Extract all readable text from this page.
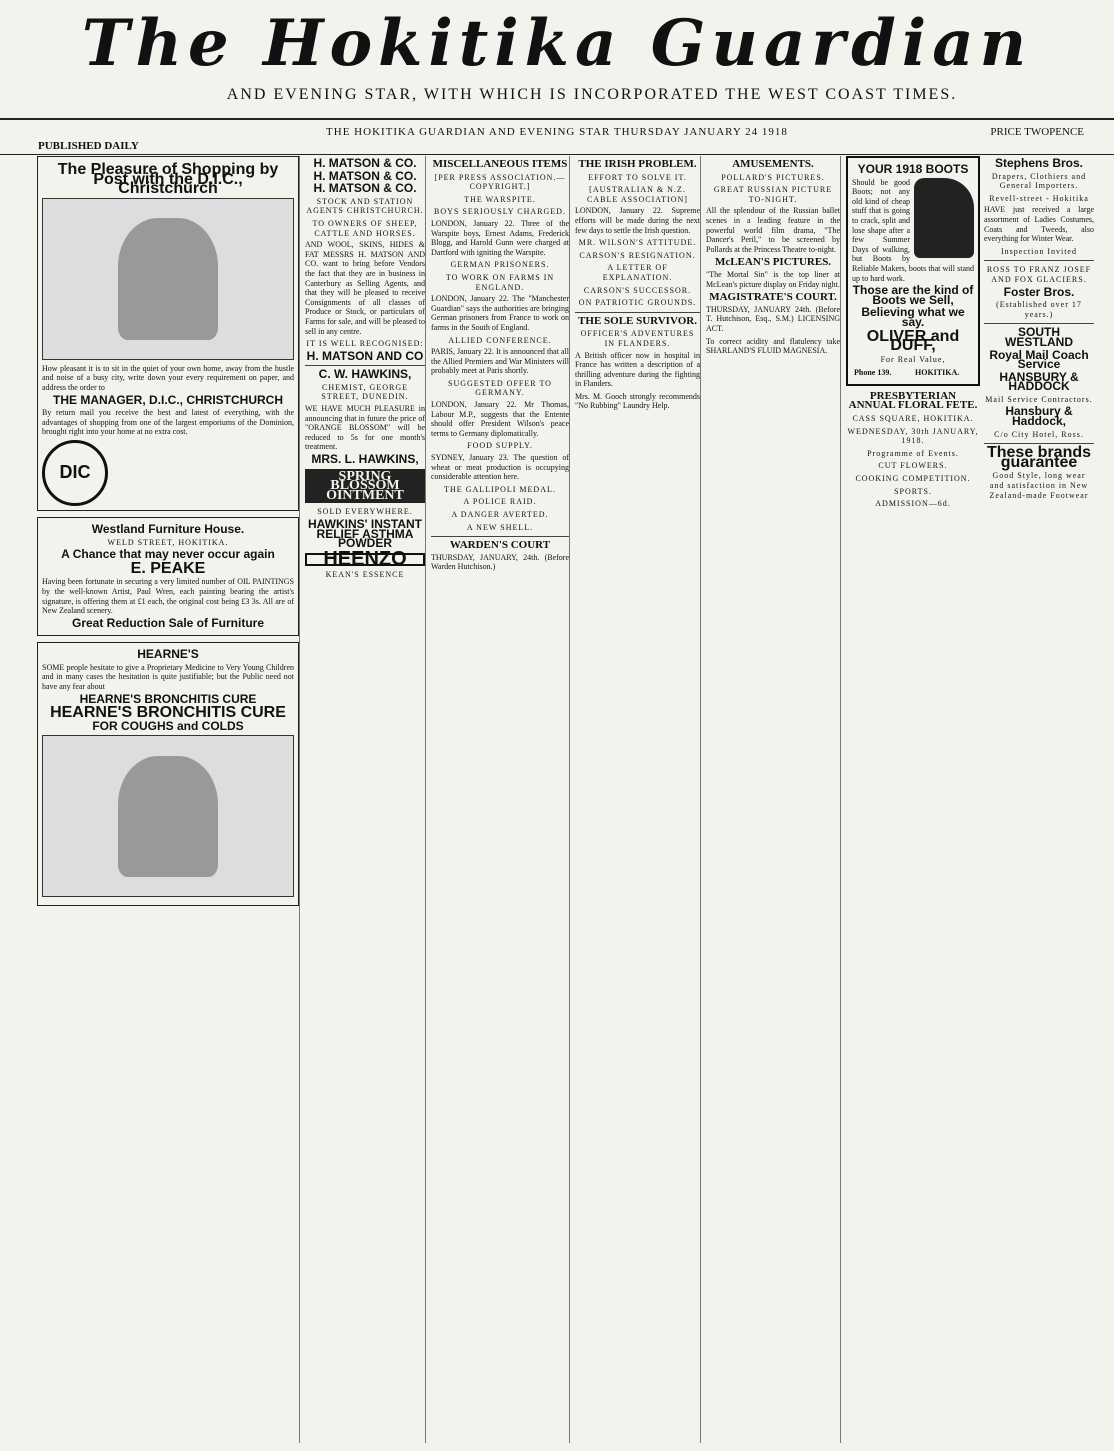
The Hokitika Guardian
AND EVENING STAR, WITH WHICH IS INCORPORATED THE WEST COAST TIMES.
PUBLISHED DAILY
THE HOKITIKA GUARDIAN AND EVENING STAR THURSDAY JANUARY 24 1918	PRICE TWOPENCE
The Pleasure of Shopping by Post with the D.I.C., Christchurch

How pleasant it is to sit in the quiet of your own home, away from the hustle and noise of a busy city, write down your every requirement on paper, and address the order to

THE MANAGER, D.I.C., CHRISTCHURCH

By return mail you receive the best and latest of everything, with the advantages of shopping from one of the largest emporiums of the Dominion, brought right into your home at no extra cost.

DIC
Westland Furniture House.
WELD STREET, HOKITIKA.
A Chance that may never occur again
E. PEAKE

Having been fortunate in securing a very limited number of OIL PAINTINGS by the well-known Artist, Paul Wren, each painting bearing the artist's signature, is offering them at £1 each, the original cost being £3 3s. All are of New Zealand scenery.

Great Reduction Sale of Furniture
HEARNE'S

SOME people hesitate to give a Proprietary Medicine to Very Young Children and in many cases the hesitation is quite justifiable; but the Public need not have any fear about

HEARNE'S BRONCHITIS CURE
HEARNE'S BRONCHITIS CURE
FOR COUGHS and COLDS
H. MATSON & CO.
H. MATSON & CO.
H. MATSON & CO.
STOCK AND STATION AGENTS CHRISTCHURCH.
TO OWNERS OF SHEEP, CATTLE AND HORSES.

AND WOOL, SKINS, HIDES & FAT MESSRS H. MATSON AND CO. want to bring before Vendors the fact that they are in business in Canterbury as Selling Agents, and that they will be pleased to receive Consignments of all classes of Produce or Stock, or particulars of Farms for sale, and will be pleased to sell in any centre.

IT IS WELL RECOGNISED:
H. MATSON AND CO
C. W. HAWKINS,
CHEMIST, GEORGE STREET, DUNEDIN.

WE HAVE MUCH PLEASURE in announcing that in future the price of "ORANGE BLOSSOM" will be reduced to 5s for one month's treatment.

MRS. L. HAWKINS,
SPRING BLOSSOM OINTMENT
SOLD EVERYWHERE.
HAWKINS' INSTANT RELIEF ASTHMA POWDER
HEENZO
KEAN'S ESSENCE
MISCELLANEOUS ITEMS
[PER PRESS ASSOCIATION.—COPYRIGHT.]
THE WARSPITE.
BOYS SERIOUSLY CHARGED.

LONDON, January 22. Three of the Warspite boys, Ernest Adams, Frederick Blogg, and Harold Gunn were charged at Dartford with igniting the Warspite.

GERMAN PRISONERS.
TO WORK ON FARMS IN ENGLAND.

LONDON, January 22. The "Manchester Guardian" says the authorities are bringing German prisoners from France to work on farms in the South of England.

ALLIED CONFERENCE.

PARIS, January 22. It is announced that all the Allied Premiers and War Ministers will probably meet at Paris shortly.

SUGGESTED OFFER TO GERMANY.

LONDON, January 22. Mr Thomas, Labour M.P., suggests that the Entente should offer President Wilson's peace terms to Germany diplomatically.

FOOD SUPPLY.

SYDNEY, January 23. The question of wheat or meat production is occupying considerable attention here.

THE GALLIPOLI MEDAL.
A POLICE RAID.
A DANGER AVERTED.
A NEW SHELL.
WARDEN'S COURT

THURSDAY, JANUARY, 24th. (Before Warden Hutchison.)

THE IRISH PROBLEM.
EFFORT TO SOLVE IT.
[AUSTRALIAN & N.Z. CABLE ASSOCIATION]

LONDON, January 22. Supreme efforts will be made during the next few days to settle the Irish question.

MR. WILSON'S ATTITUDE.
CARSON'S RESIGNATION.
A LETTER OF EXPLANATION.
CARSON'S SUCCESSOR.
ON PATRIOTIC GROUNDS.
THE SOLE SURVIVOR.
OFFICER'S ADVENTURES IN FLANDERS.

A British officer now in hospital in France has written a description of a thrilling adventure during the fighting in Flanders.

Mrs. M. Gooch strongly recommends "No Rubbing" Laundry Help.

AMUSEMENTS.
POLLARD'S PICTURES.
GREAT RUSSIAN PICTURE TO-NIGHT.

All the splendour of the Russian ballet scenes in a leading feature in the powerful world film drama, "The Dancer's Peril," to be screened by Pollards at the Princess Theatre to-night.

McLEAN'S PICTURES.

"The Mortal Sin" is the top liner at McLean's picture display on Friday night.

MAGISTRATE'S COURT.

THURSDAY, JANUARY 24th. (Before T. Hutchison, Esq., S.M.) LICENSING ACT.

To correct acidity and flatulency take SHARLAND'S FLUID MAGNESIA.

YOUR 1918 BOOTS

Should be good Boots; not any old kind of cheap stuff that is going to crack, split and lose shape after a few Summer Days of walking, but Boots by Reliable Makers, boots that will stand up to hard work.

Those are the kind of Boots we Sell,
Believing what we say.
OLIVER and DUFF,
For Real Value,
Phone 139.	HOKITIKA.
PRESBYTERIAN ANNUAL FLORAL FETE.
CASS SQUARE, HOKITIKA.
WEDNESDAY, 30th JANUARY, 1918.
Programme of Events.
CUT FLOWERS.
COOKING COMPETITION.
SPORTS.
ADMISSION—6d.
Stephens Bros.
Drapers, Clothiers and General Importers.
Revell-street - Hokitika

HAVE just received a large assortment of Ladies Costumes, Coats and Tweeds, also everything for Winter Wear.

Inspection Invited
ROSS TO FRANZ JOSEF AND FOX GLACIERS.
Foster Bros.
(Established over 17 years.)
SOUTH WESTLAND
Royal Mail Coach Service
HANSBURY & HADDOCK
Mail Service Contractors.
Hansbury & Haddock,
C/o City Hotel, Ross.
These brands guarantee
Good Style, long wear and satisfaction in New Zealand-made Footwear
